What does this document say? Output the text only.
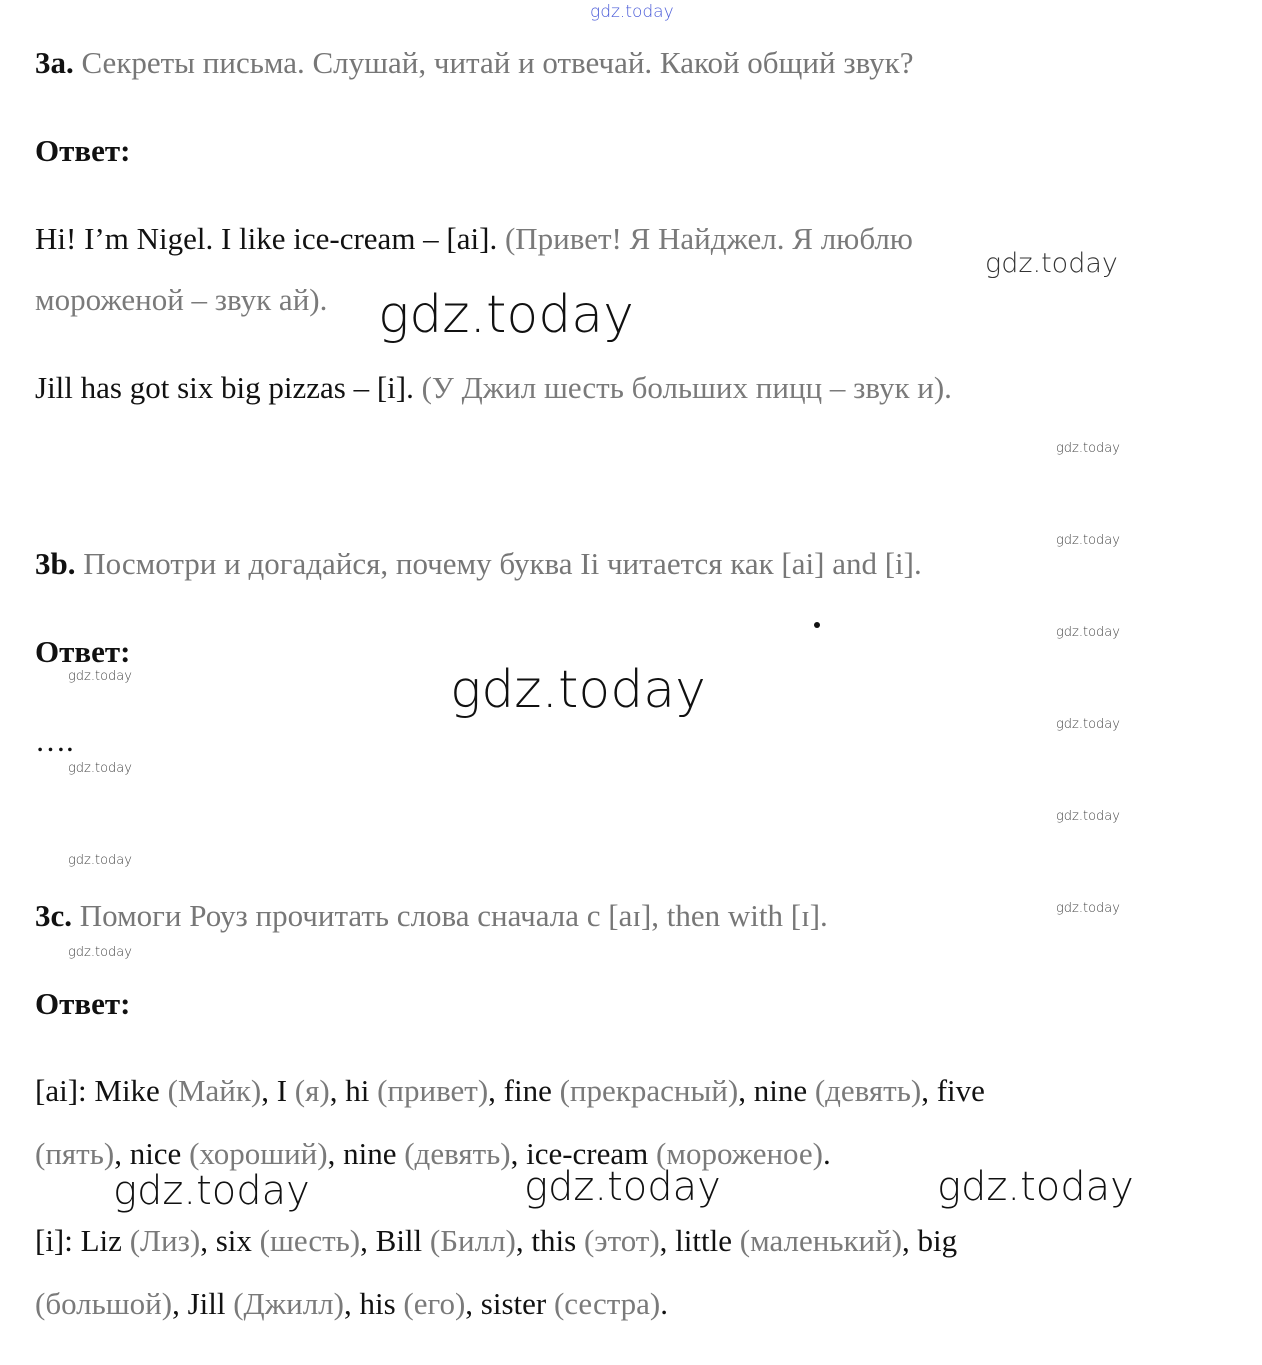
gdz.today
gdz.today
gdz.today
gdz.today
gdz.today
gdz.today
gdz.today
gdz.today
gdz.today
gdz.today
gdz.today
gdz.today
gdz.today
gdz.today
gdz.today	gdz.today	gdz.today
3a. Секреты письма. Слушай, читай и отвечай. Какой общий звук?
Ответ:
Hi! I’m Nigel. I like ice-cream – [ai]. (Привет! Я Найджел. Я люблю
мороженой – звук ай).
Jill has got six big pizzas – [i]. (У Джил шесть больших пицц – звук и).
3b. Посмотри и догадайся, почему буква Ii читается как [ai] and [i].
Ответ:
….
3c. Помоги Роуз прочитать слова сначала с [aɪ], then with [ɪ].
Ответ:
[ai]: Mike (Майк), I (я), hi (привет), fine (прекрасный), nine (девять), five
(пять), nice (хороший), nine (девять), ice-cream (мороженое).
[i]: Liz (Лиз), six (шесть), Bill (Билл), this (этот), little (маленький), big
(большой), Jill (Джилл), his (его), sister (сестра).
